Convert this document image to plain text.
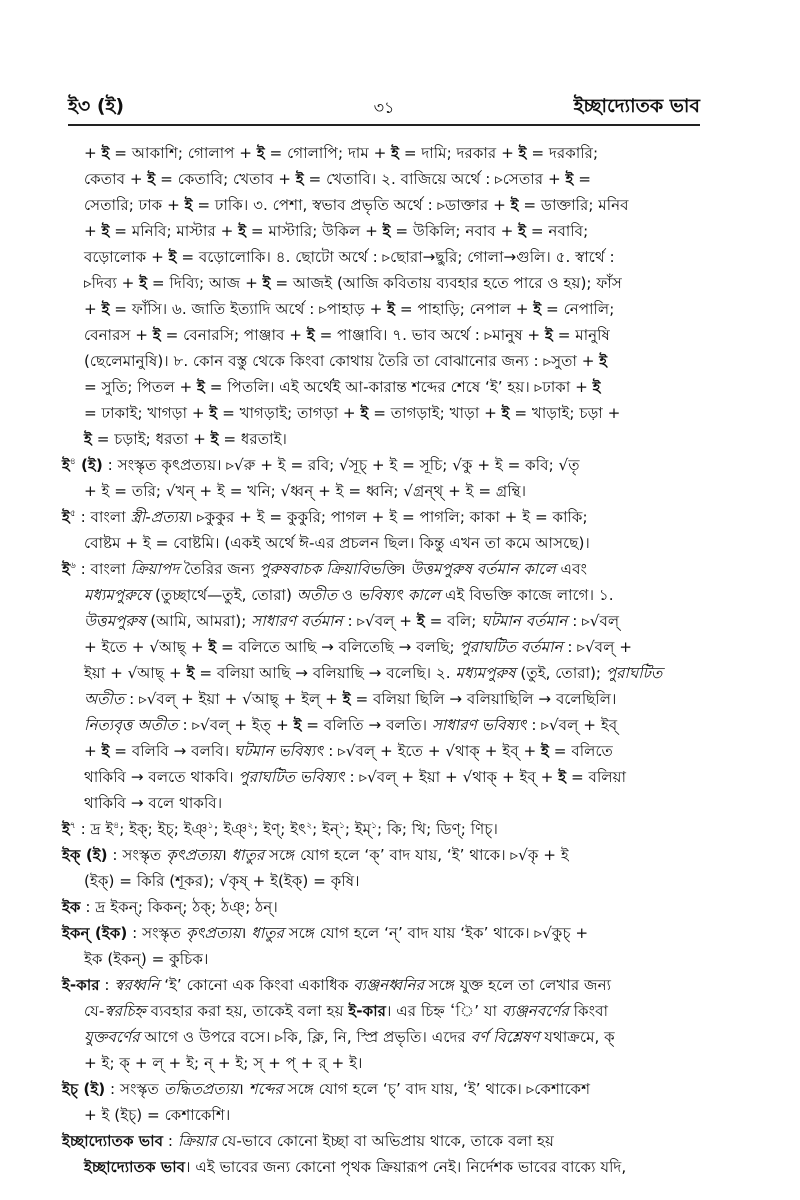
ই৩ (ই)	৩১	ইচ্ছাদ্যোতক ভাব
+ ই = আকাশি; গোলাপ + ই = গোলাপি; দাম + ই = দামি; দরকার + ই = দরকারি;
কেতাব + ই = কেতাবি; খেতাব + ই = খেতাবি। ২. বাজিয়ে অর্থে : ▹সেতার + ই =
সেতারি; ঢাক + ই = ঢাকি। ৩. পেশা, স্বভাব প্রভৃতি অর্থে : ▹ডাক্তার + ই = ডাক্তারি; মনিব
+ ই = মনিবি; মাস্টার + ই = মাস্টারি; উকিল + ই = উকিলি; নবাব + ই = নবাবি;
বড়োলোক + ই = বড়োলোকি। ৪. ছোটো অর্থে : ▹ছোরা→ছুরি; গোলা→গুলি। ৫. স্বার্থে :
▹দিব্য + ই = দিব্যি; আজ + ই = আজই (আজি কবিতায় ব্যবহার হতে পারে ও হয়); ফাঁস
+ ই = ফাঁসি। ৬. জাতি ইত্যাদি অর্থে : ▹পাহাড় + ই = পাহাড়ি; নেপাল + ই = নেপালি;
বেনারস + ই = বেনারসি; পাঞ্জাব + ই = পাঞ্জাবি। ৭. ভাব অর্থে : ▹মানুষ + ই = মানুষি
(ছেলেমানুষি)। ৮. কোন বস্তু থেকে কিংবা কোথায় তৈরি তা বোঝানোর জন্য : ▹সুতা + ই
= সুতি; পিতল + ই = পিতলি। এই অর্থেই আ-কারান্ত শব্দের শেষে ‘ই’ হয়। ▹ঢাকা + ই
= ঢাকাই; খাগড়া + ই = খাগড়াই; তাগড়া + ই = তাগড়াই; খাড়া + ই = খাড়াই; চড়া +
ই = চড়াই; ধরতা + ই = ধরতাই।
ই$^৪$ (ই) : সংস্কৃত কৃৎপ্রত্যয়। ▹√রু + ই = রবি; √সূচ্ + ই = সূচি; √কু + ই = কবি; √তৃ
+ ই = তরি; √খন্ + ই = খনি; √ধ্বন্ + ই = ধ্বনি; √গ্রন্থ্ + ই = গ্রন্থি।
ই$^৫$ : বাংলা স্ত্রী-প্রত্যয়। ▹কুকুর + ই = কুকুরি; পাগল + ই = পাগলি; কাকা + ই = কাকি;
বোষ্টম + ই = বোষ্টমি। (একই অর্থে ঈ-এর প্রচলন ছিল। কিন্তু এখন তা কমে আসছে)।
ই$^৬$ : বাংলা ক্রিয়াপদ তৈরির জন্য পুরুষবাচক ক্রিয়াবিভক্তি। উত্তমপুরুষ বর্তমান কালে এবং
মধ্যমপুরুষে (তুচ্ছার্থে—তুই, তোরা) অতীত ও ভবিষ্যৎ কালে এই বিভক্তি কাজে লাগে। ১.
উত্তমপুরুষ (আমি, আমরা); সাধারণ বর্তমান : ▹√বল্ + ই = বলি; ঘটমান বর্তমান : ▹√বল্
+ ইতে + √আছ্ + ই = বলিতে আছি → বলিতেছি → বলছি; পুরাঘটিত বর্তমান : ▹√বল্ +
ইয়া + √আছ্ + ই = বলিয়া আছি → বলিয়াছি → বলেছি। ২. মধ্যমপুরুষ (তুই, তোরা); পুরাঘটিত
অতীত : ▹√বল্ + ইয়া + √আছ্ + ইল্ + ই = বলিয়া ছিলি → বলিয়াছিলি → বলেছিলি।
নিত্যবৃত্ত অতীত : ▹√বল্ + ইত্ + ই = বলিতি → বলতি। সাধারণ ভবিষ্যৎ : ▹√বল্ + ইব্
+ ই = বলিবি → বলবি। ঘটমান ভবিষ্যৎ : ▹√বল্ + ইতে + √থাক্ + ইব্ + ই = বলিতে
থাকিবি → বলতে থাকবি। পুরাঘটিত ভবিষ্যৎ : ▹√বল্ + ইয়া + √থাক্ + ইব্ + ই = বলিয়া
থাকিবি → বলে থাকবি।
ই$^৭$ : দ্র ই$^৪$; ইক্; ইচ্; ইঞ্$^১$; ইঞ্$^২$; ইণ্; ইৎ$^২$; ইন্$^১$; ইম্$^১$; কি; খি; ডিণ্; ণিচ্।
ইক্ (ই) : সংস্কৃত কৃৎপ্রত্যয়। ধাতুর সঙ্গে যোগ হলে ‘ক্’ বাদ যায়, ‘ই’ থাকে। ▹√কৃ + ই
(ইক্) = কিরি (শূকর); √কৃষ্ + ই(ইক্) = কৃষি।
ইক : দ্র ইকন্; কিকন্; ঠক্; ঠঞ্; ঠন্।
ইকন্ (ইক) : সংস্কৃত কৃৎপ্রত্যয়। ধাতুর সঙ্গে যোগ হলে ‘ন্’ বাদ যায় ‘ইক’ থাকে। ▹√কুচ্ +
ইক (ইকন্) = কুচিক।
ই-কার : স্বরধ্বনি ‘ই’ কোনো এক কিংবা একাধিক ব্যঞ্জনধ্বনির সঙ্গে যুক্ত হলে তা লেখার জন্য
যে-স্বরচিহ্ন ব্যবহার করা হয়, তাকেই বলা হয় ই-কার। এর চিহ্ন ‘ি’ যা ব্যঞ্জনবর্ণের কিংবা
যুক্তবর্ণের আগে ও উপরে বসে। ▹কি, ক্লি, নি, স্প্রি প্রভৃতি। এদের বর্ণ বিশ্লেষণ যথাক্রমে, ক্
+ ই; ক্ + ল্ + ই; ন্ + ই; স্ + প্ + র্ + ই।
ইচ্ (ই) : সংস্কৃত তদ্ধিতপ্রত্যয়। শব্দের সঙ্গে যোগ হলে ‘চ্’ বাদ যায়, ‘ই’ থাকে। ▹কেশাকেশ
+ ই (ইচ্) = কেশাকেশি।
ইচ্ছাদ্যোতক ভাব : ক্রিয়ার যে-ভাবে কোনো ইচ্ছা বা অভিপ্রায় থাকে, তাকে বলা হয়
ইচ্ছাদ্যোতক ভাব। এই ভাবের জন্য কোনো পৃথক ক্রিয়ারূপ নেই। নির্দেশক ভাবের বাক্যে যদি,
